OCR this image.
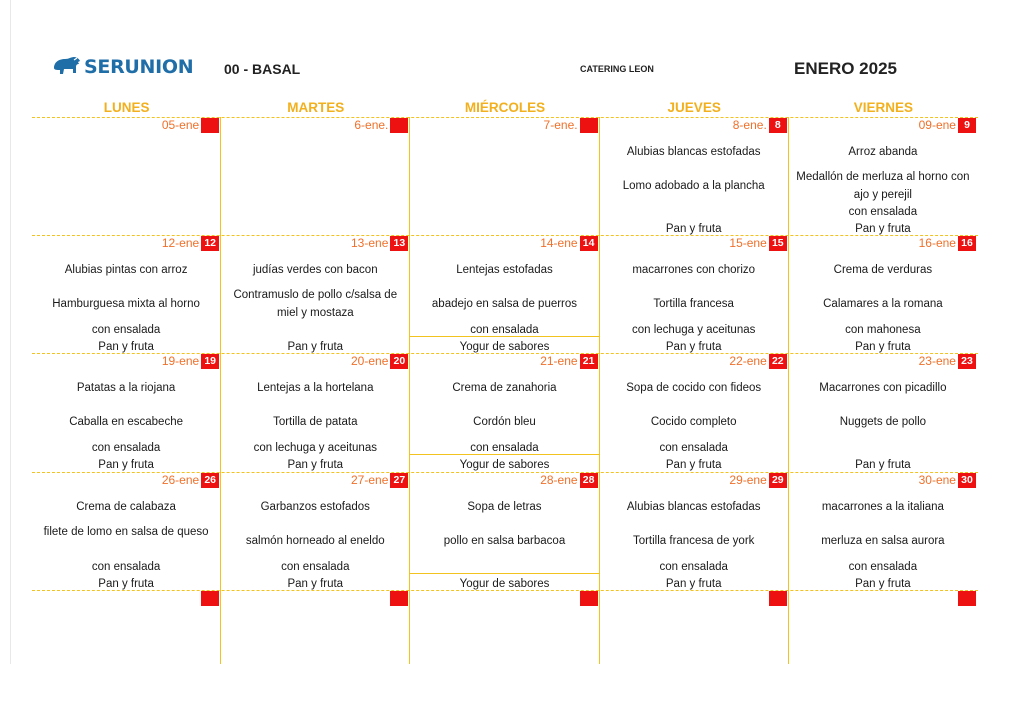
SERUNION 00 - BASAL	CATERING LEON	ENERO 2025
LUNES	MARTES	MIÉRCOLES	JUEVES	VIERNES
05-ene	6-ene.	7-ene.	8-ene. 8
Alubias blancas estofadas
Lomo adobado a la plancha
Pan y fruta
09-ene 9
Arroz abanda
Medallón de merluza al horno con ajo y perejil
con ensalada
Pan y fruta
12-ene 12
Alubias pintas con arroz
Hamburguesa mixta al horno
con ensalada
Pan y fruta
13-ene 13
judías verdes con bacon
Contramuslo de pollo c/salsa de miel y mostaza
Pan y fruta
14-ene 14
Lentejas estofadas
abadejo en salsa de puerros
con ensalada
Yogur de sabores
15-ene 15
macarrones con chorizo
Tortilla francesa
con lechuga y aceitunas
Pan y fruta
16-ene 16
Crema de verduras
Calamares a la romana
con mahonesa
Pan y fruta
19-ene 19
Patatas a la riojana
Caballa en escabeche
con ensalada
Pan y fruta
20-ene 20
Lentejas a la hortelana
Tortilla de patata
con lechuga y aceitunas
Pan y fruta
21-ene 21
Crema de zanahoria
Cordón bleu
con ensalada
Yogur de sabores
22-ene 22
Sopa de cocido con fideos
Cocido completo
con ensalada
Pan y fruta
23-ene 23
Macarrones con picadillo
Nuggets de pollo
Pan y fruta
26-ene 26
Crema de calabaza
filete de lomo en salsa de queso
con ensalada
Pan y fruta
27-ene 27
Garbanzos estofados
salmón horneado al eneldo
con ensalada
Pan y fruta
28-ene 28
Sopa de letras
pollo en salsa barbacoa
Yogur de sabores
29-ene 29
Alubias blancas estofadas
Tortilla francesa de york
con ensalada
Pan y fruta
30-ene 30
macarrones a la italiana
merluza en salsa aurora
con ensalada
Pan y fruta
